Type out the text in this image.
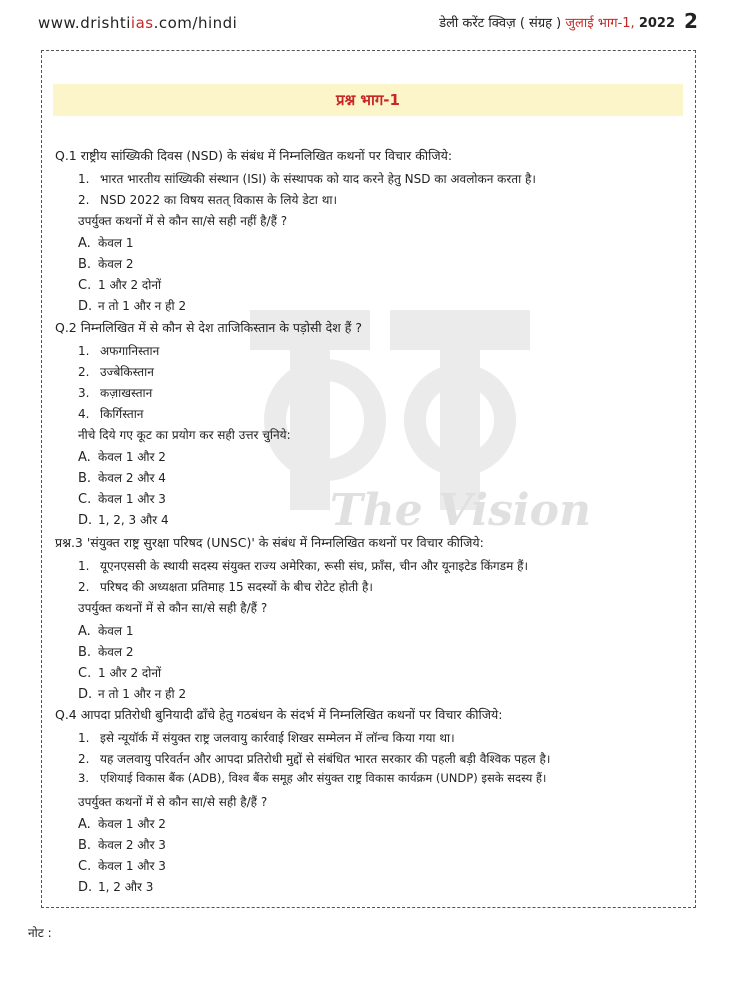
www.drishtiias.com/hindi	डेली करेंट क्विज़ ( संग्रह ) जुलाई भाग-1, 2022 2
The Vision
प्रश्न भाग-1
Q.1 राष्ट्रीय सांख्यिकी दिवस (NSD) के संबंध में निम्नलिखित कथनों पर विचार कीजिये:
1. भारत भारतीय सांख्यिकी संस्थान (ISI) के संस्थापक को याद करने हेतु NSD का अवलोकन करता है।
2. NSD 2022 का विषय सतत् विकास के लिये डेटा था।
उपर्युक्त कथनों में से कौन सा/से सही नहीं है/हैं ?
A. केवल 1
B. केवल 2
C. 1 और 2 दोनों
D. न तो 1 और न ही 2
Q.2 निम्नलिखित में से कौन से देश ताजिकिस्तान के पड़ोसी देश हैं ?
1. अफगानिस्तान
2. उज्बेकिस्तान
3. कज़ाखस्तान
4. किर्गिस्तान
नीचे दिये गए कूट का प्रयोग कर सही उत्तर चुनिये:
A. केवल 1 और 2
B. केवल 2 और 4
C. केवल 1 और 3
D. 1, 2, 3 और 4
प्रश्न.3 'संयुक्त राष्ट्र सुरक्षा परिषद (UNSC)' के संबंध में निम्नलिखित कथनों पर विचार कीजिये:
1. यूएनएससी के स्थायी सदस्य संयुक्त राज्य अमेरिका, रूसी संघ, फ्राँस, चीन और यूनाइटेड किंगडम हैं।
2. परिषद की अध्यक्षता प्रतिमाह 15 सदस्यों के बीच रोटेट होती है।
उपर्युक्त कथनों में से कौन सा/से सही है/हैं ?
A. केवल 1
B. केवल 2
C. 1 और 2 दोनों
D. न तो 1 और न ही 2
Q.4 आपदा प्रतिरोधी बुनियादी ढाँचे हेतु गठबंधन के संदर्भ में निम्नलिखित कथनों पर विचार कीजिये:
1. इसे न्यूयॉर्क में संयुक्त राष्ट्र जलवायु कार्रवाई शिखर सम्मेलन में लॉन्च किया गया था।
2. यह जलवायु परिवर्तन और आपदा प्रतिरोधी मुद्दों से संबंधित भारत सरकार की पहली बड़ी वैश्विक पहल है।
3. एशियाई विकास बैंक (ADB), विश्व बैंक समूह और संयुक्त राष्ट्र विकास कार्यक्रम (UNDP) इसके सदस्य हैं।
उपर्युक्त कथनों में से कौन सा/से सही है/हैं ?
A. केवल 1 और 2
B. केवल 2 और 3
C. केवल 1 और 3
D. 1, 2 और 3
नोट :
